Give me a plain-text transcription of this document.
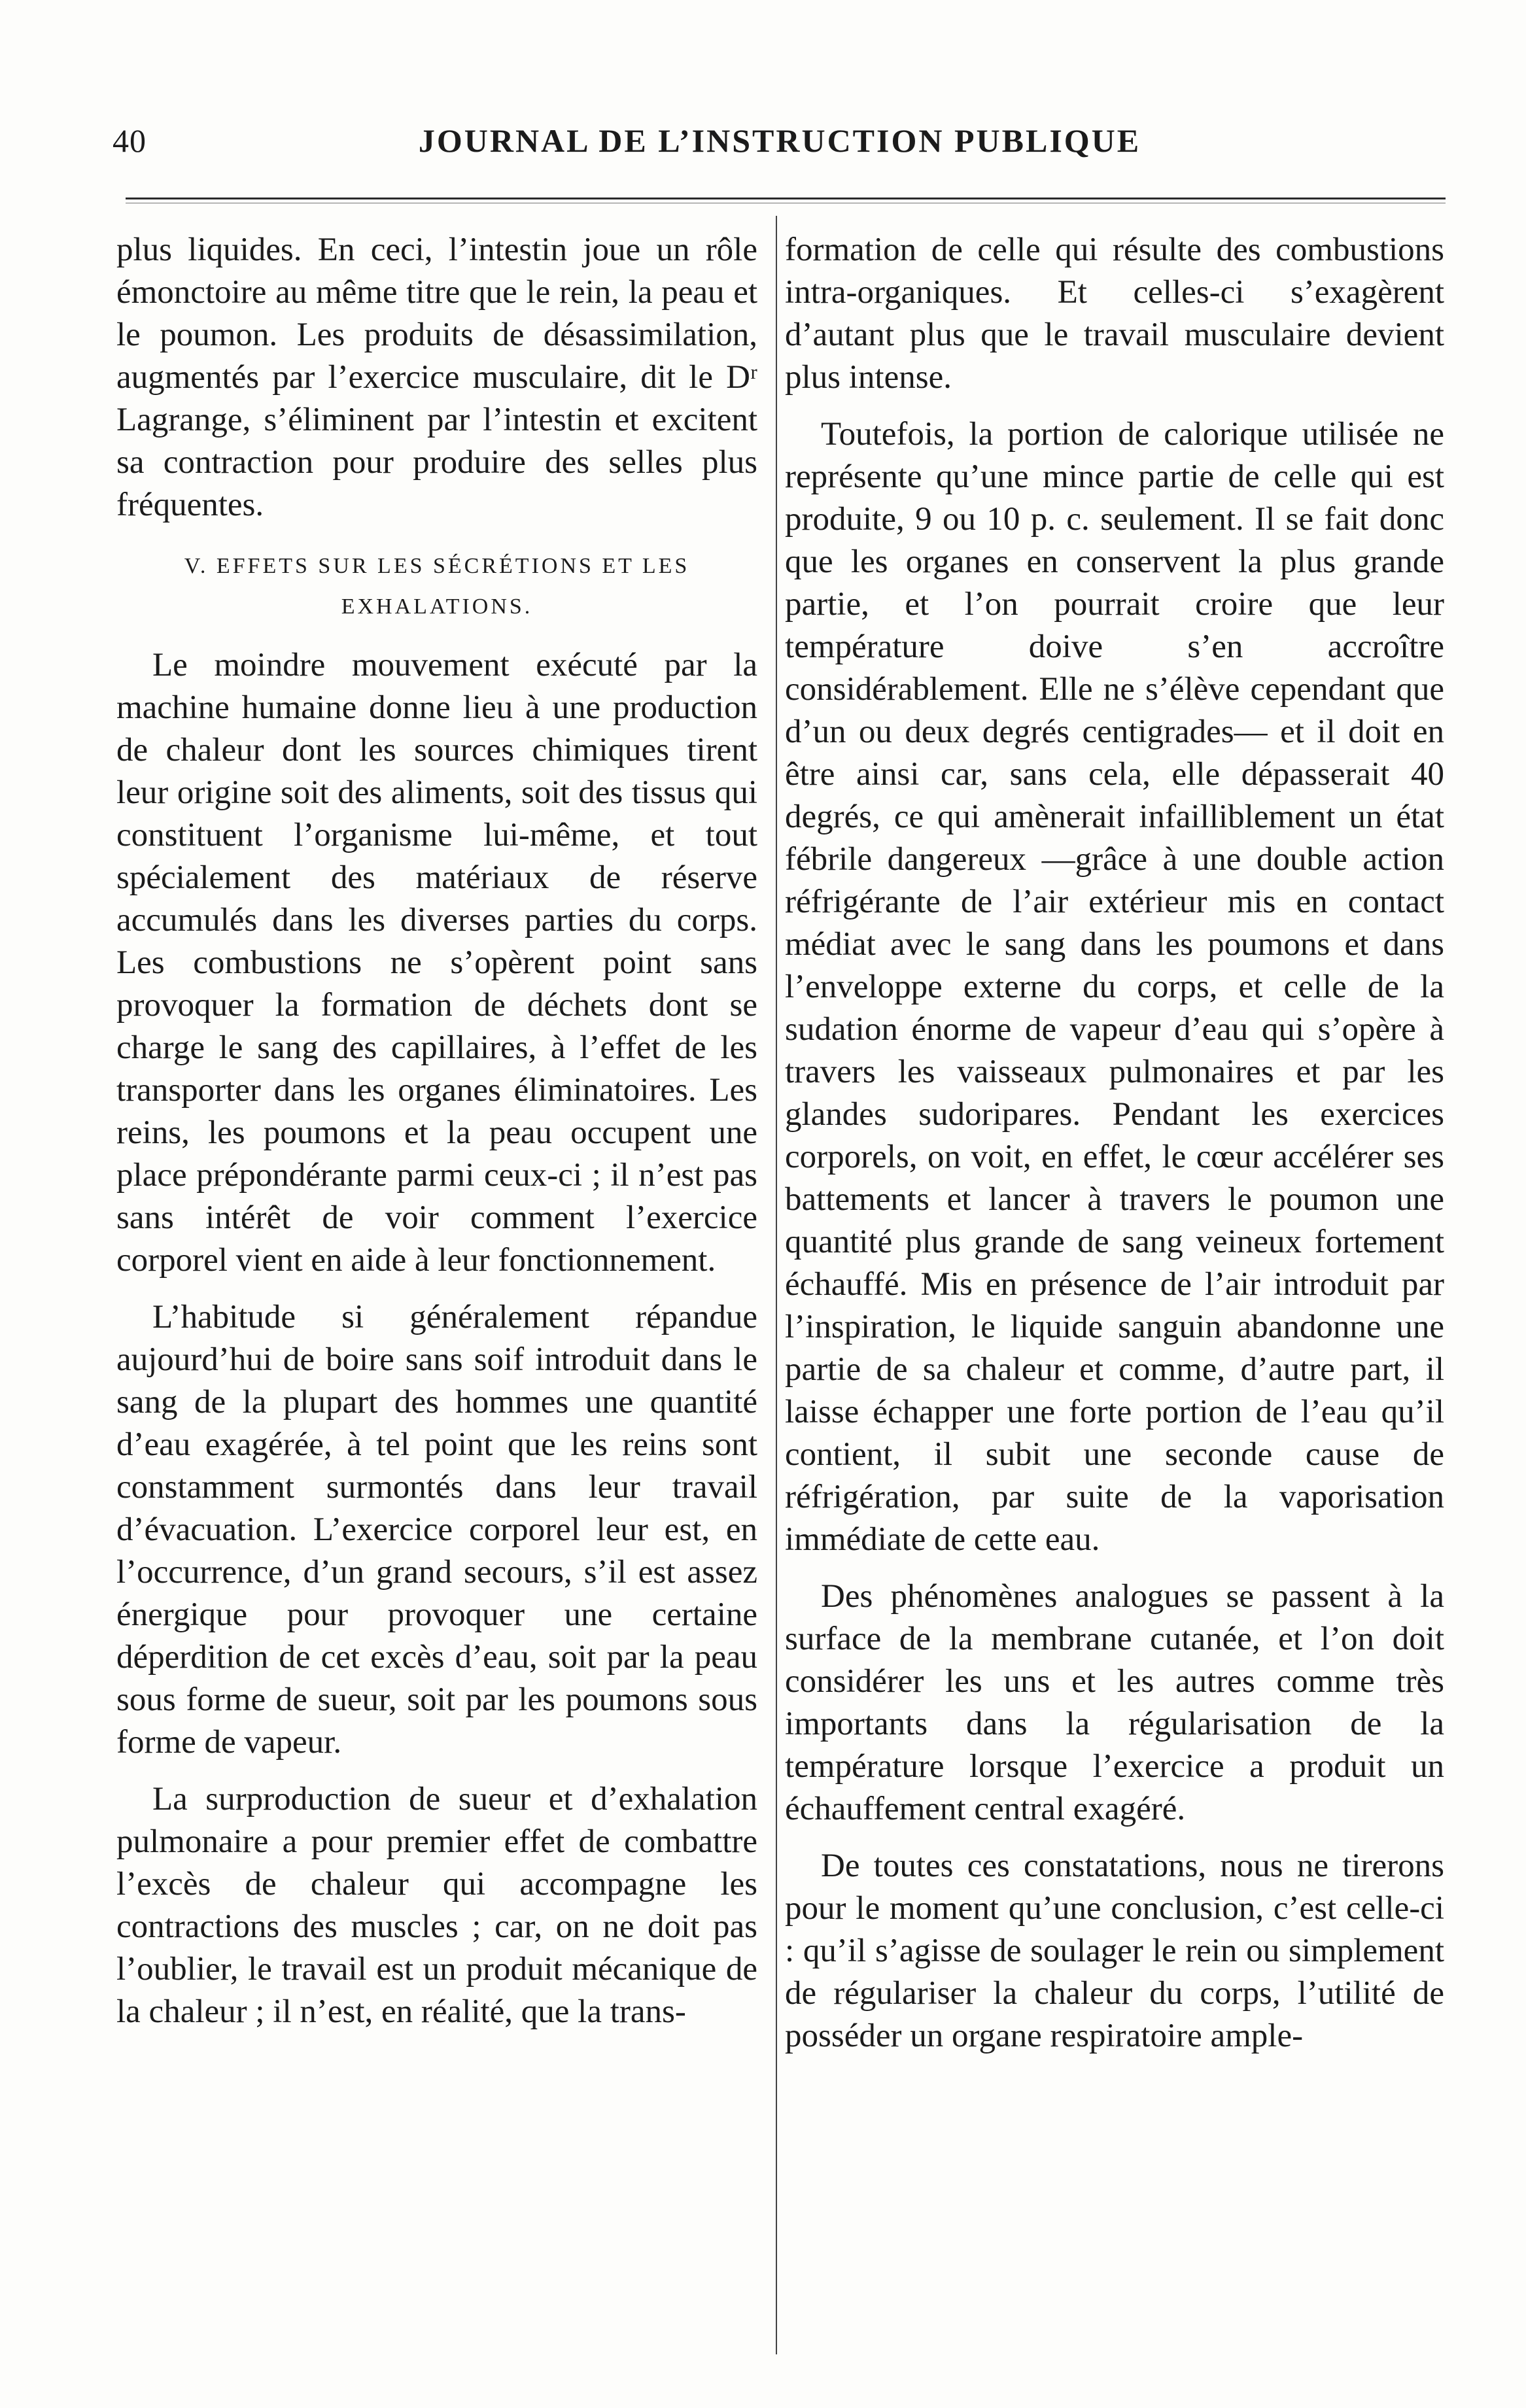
40	JOURNAL DE L’INSTRUCTION PUBLIQUE

plus liquides. En ceci, l’intestin joue un rôle émonctoire au même titre que le rein, la peau et le poumon. Les produits de désassimilation, augmentés par l’exercice musculaire, dit le Dʳ Lagrange, s’éliminent par l’intestin et excitent sa contraction pour produire des selles plus fréquentes.

V. EFFETS SUR LES SÉCRÉTIONS ET LES EXHALATIONS.

Le moindre mouvement exécuté par la machine humaine donne lieu à une production de chaleur dont les sources chimiques tirent leur origine soit des aliments, soit des tissus qui constituent l’organisme lui-même, et tout spécialement des matériaux de réserve accumulés dans les diverses parties du corps. Les combustions ne s’opèrent point sans provoquer la formation de déchets dont se charge le sang des capillaires, à l’effet de les transporter dans les organes éliminatoires. Les reins, les poumons et la peau occupent une place prépondérante parmi ceux-ci ; il n’est pas sans intérêt de voir comment l’exercice corporel vient en aide à leur fonctionnement.

L’habitude si généralement répandue aujourd’hui de boire sans soif introduit dans le sang de la plupart des hommes une quantité d’eau exagérée, à tel point que les reins sont constamment surmontés dans leur travail d’évacuation. L’exercice corporel leur est, en l’occurrence, d’un grand secours, s’il est assez énergique pour provoquer une certaine déperdition de cet excès d’eau, soit par la peau sous forme de sueur, soit par les poumons sous forme de vapeur.

La surproduction de sueur et d’exhalation pulmonaire a pour premier effet de combattre l’excès de chaleur qui accompagne les contractions des muscles ; car, on ne doit pas l’oublier, le travail est un produit mécanique de la chaleur ; il n’est, en réalité, que la trans-

formation de celle qui résulte des combustions intra-organiques. Et celles-ci s’exagèrent d’autant plus que le travail musculaire devient plus intense.

Toutefois, la portion de calorique utilisée ne représente qu’une mince partie de celle qui est produite, 9 ou 10 p. c. seulement. Il se fait donc que les organes en conservent la plus grande partie, et l’on pourrait croire que leur température doive s’en accroître considérablement. Elle ne s’élève cependant que d’un ou deux degrés centigrades— et il doit en être ainsi car, sans cela, elle dépasserait 40 degrés, ce qui amènerait infailliblement un état fébrile dangereux —grâce à une double action réfrigérante de l’air extérieur mis en contact médiat avec le sang dans les poumons et dans l’enveloppe externe du corps, et celle de la sudation énorme de vapeur d’eau qui s’opère à travers les vaisseaux pulmonaires et par les glandes sudoripares. Pendant les exercices corporels, on voit, en effet, le cœur accélérer ses battements et lancer à travers le poumon une quantité plus grande de sang veineux fortement échauffé. Mis en présence de l’air introduit par l’inspiration, le liquide sanguin abandonne une partie de sa chaleur et comme, d’autre part, il laisse échapper une forte portion de l’eau qu’il contient, il subit une seconde cause de réfrigération, par suite de la vaporisation immédiate de cette eau.

Des phénomènes analogues se passent à la surface de la membrane cutanée, et l’on doit considérer les uns et les autres comme très importants dans la régularisation de la température lorsque l’exercice a produit un échauffement central exagéré.

De toutes ces constatations, nous ne tirerons pour le moment qu’une conclusion, c’est celle-ci : qu’il s’agisse de soulager le rein ou simplement de régulariser la chaleur du corps, l’utilité de posséder un organe respiratoire ample-
